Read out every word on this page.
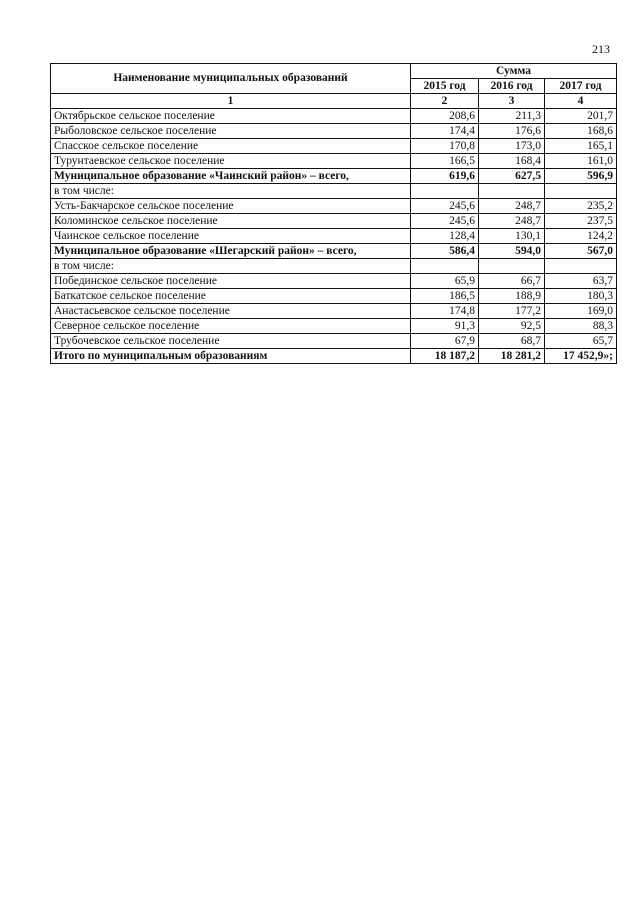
213
Наименование муниципальных образований	Сумма		
	2015 год	2016 год	2017 год
1	2	3	4
Октябрьское сельское поселение	208,6	211,3	201,7
Рыболовское сельское поселение	174,4	176,6	168,6
Спасское сельское поселение	170,8	173,0	165,1
Турунтаевское сельское поселение	166,5	168,4	161,0
Муниципальное образование «Чаинский район» – всего,	619,6	627,5	596,9
в том числе:			
Усть-Бакчарское сельское поселение	245,6	248,7	235,2
Коломинское сельское поселение	245,6	248,7	237,5
Чаинское сельское поселение	128,4	130,1	124,2
Муниципальное образование «Шегарский район» – всего,	586,4	594,0	567,0
в том числе:			
Побединское сельское поселение	65,9	66,7	63,7
Баткатское сельское поселение	186,5	188,9	180,3
Анастасьевское сельское поселение	174,8	177,2	169,0
Северное сельское поселение	91,3	92,5	88,3
Трубочевское сельское поселение	67,9	68,7	65,7
Итого по муниципальным образованиям	18 187,2	18 281,2	17 452,9»;
